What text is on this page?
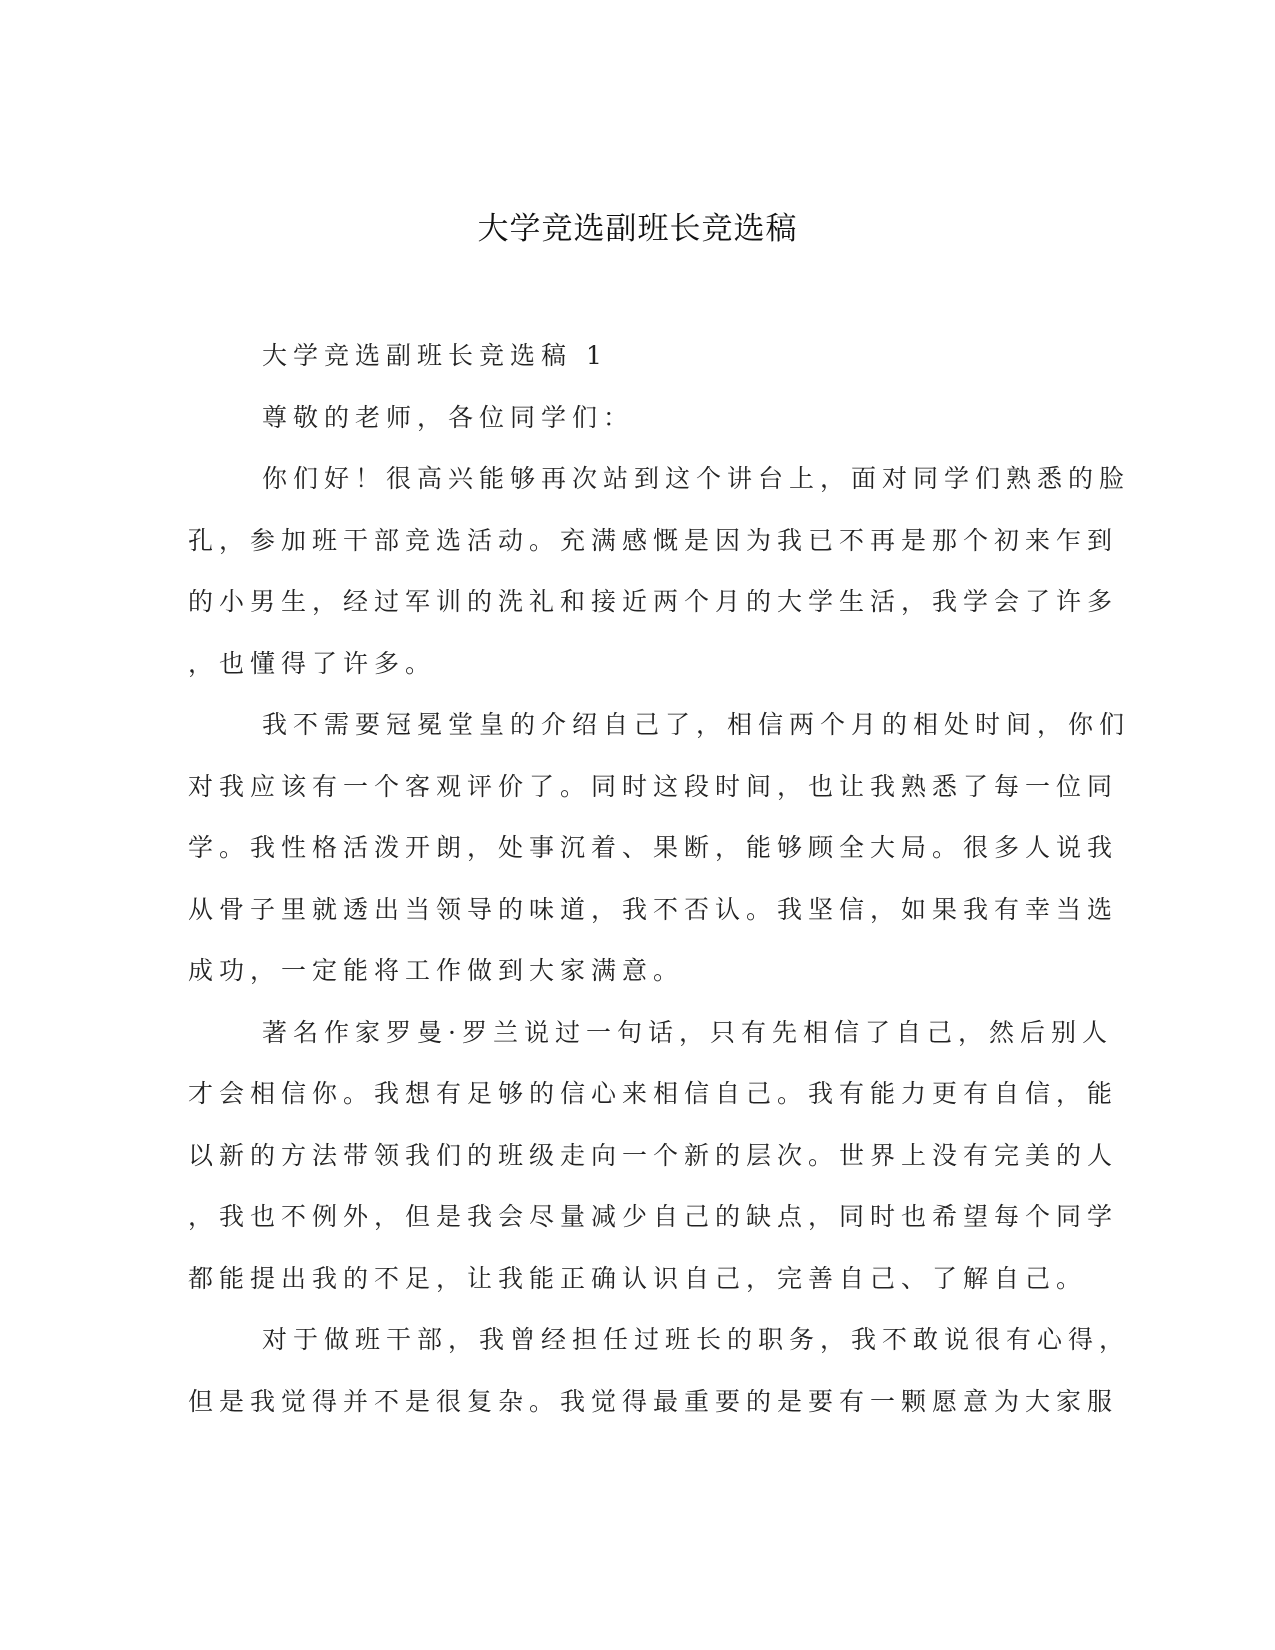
大学竞选副班长竞选稿
大学竞选副班长竞选稿 1
尊敬的老师，各位同学们：
你们好！很高兴能够再次站到这个讲台上，面对同学们熟悉的脸
孔，参加班干部竞选活动。充满感慨是因为我已不再是那个初来乍到
的小男生，经过军训的洗礼和接近两个月的大学生活，我学会了许多
，也懂得了许多。
我不需要冠冕堂皇的介绍自己了，相信两个月的相处时间，你们
对我应该有一个客观评价了。同时这段时间，也让我熟悉了每一位同
学。我性格活泼开朗，处事沉着、果断，能够顾全大局。很多人说我
从骨子里就透出当领导的味道，我不否认。我坚信，如果我有幸当选
成功，一定能将工作做到大家满意。
著名作家罗曼·罗兰说过一句话，只有先相信了自己，然后别人
才会相信你。我想有足够的信心来相信自己。我有能力更有自信，能
以新的方法带领我们的班级走向一个新的层次。世界上没有完美的人
，我也不例外，但是我会尽量减少自己的缺点，同时也希望每个同学
都能提出我的不足，让我能正确认识自己，完善自己、了解自己。
对于做班干部，我曾经担任过班长的职务，我不敢说很有心得，
但是我觉得并不是很复杂。我觉得最重要的是要有一颗愿意为大家服
